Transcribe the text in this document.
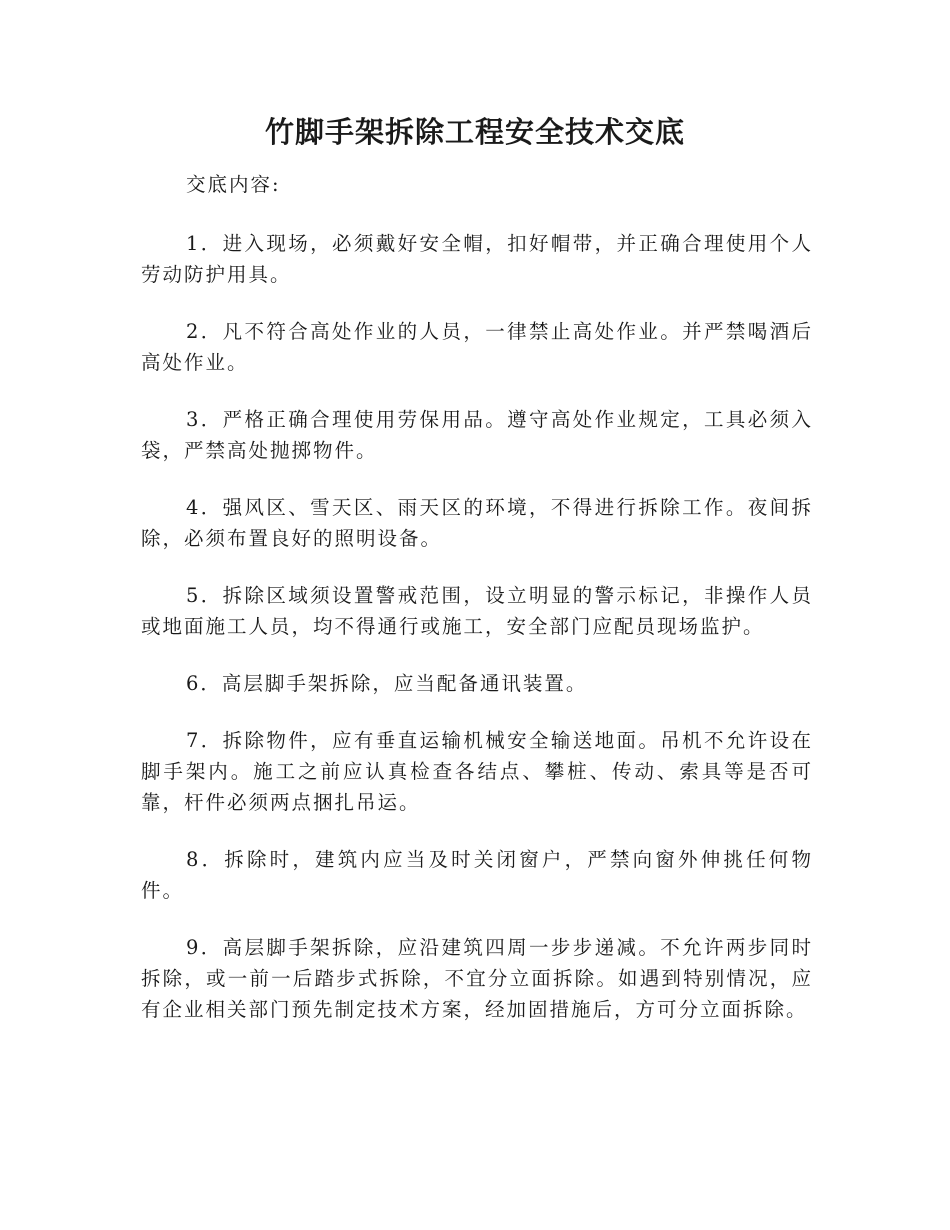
竹脚手架拆除工程安全技术交底

交底内容:

1．进入现场，必须戴好安全帽，扣好帽带，并正确合理使用个人劳动防护用具。

2．凡不符合高处作业的人员，一律禁止高处作业。并严禁喝酒后高处作业。

3．严格正确合理使用劳保用品。遵守高处作业规定，工具必须入袋，严禁高处抛掷物件。

4．强风区、雪天区、雨天区的环境，不得进行拆除工作。夜间拆除，必须布置良好的照明设备。

5．拆除区域须设置警戒范围，设立明显的警示标记，非操作人员或地面施工人员，均不得通行或施工，安全部门应配员现场监护。

6．高层脚手架拆除，应当配备通讯装置。

7．拆除物件，应有垂直运输机械安全输送地面。吊机不允许设在脚手架内。施工之前应认真检查各结点、攀桩、传动、索具等是否可靠，杆件必须两点捆扎吊运。

8．拆除时，建筑内应当及时关闭窗户，严禁向窗外伸挑任何物件。

9．高层脚手架拆除，应沿建筑四周一步步递减。不允许两步同时拆除，或一前一后踏步式拆除，不宜分立面拆除。如遇到特别情况，应有企业相关部门预先制定技术方案，经加固措施后，方可分立面拆除。
